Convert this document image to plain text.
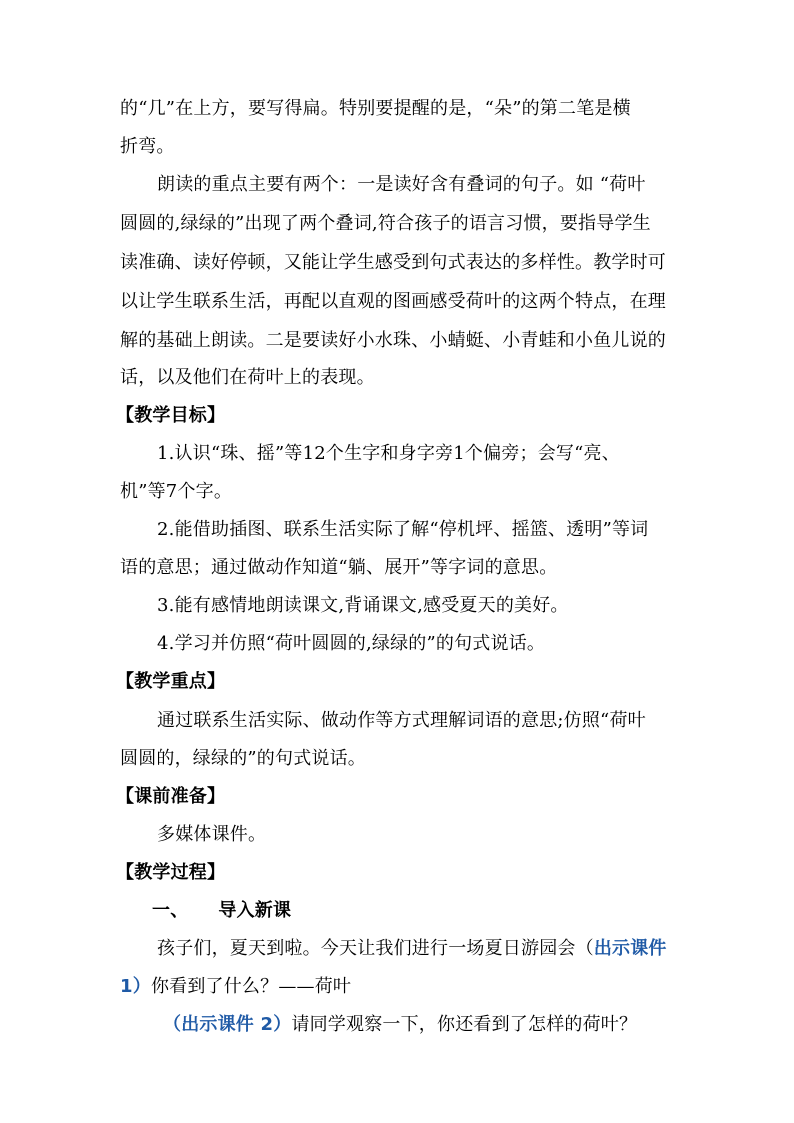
的“几”在上方，要写得扁。特别要提醒的是，“朵”的第二笔是横
折弯。
朗读的重点主要有两个：一是读好含有叠词的句子。如 “荷叶
圆圆的,绿绿的”出现了两个叠词,符合孩子的语言习惯，要指导学生
读准确、读好停顿，又能让学生感受到句式表达的多样性。教学时可
以让学生联系生活，再配以直观的图画感受荷叶的这两个特点，在理
解的基础上朗读。二是要读好小水珠、小蜻蜓、小青蛙和小鱼儿说的
话，以及他们在荷叶上的表现。
【教学目标】
1.认识“珠、摇”等12个生字和身字旁1个偏旁；会写“亮、
机”等7个字。
2.能借助插图、联系生活实际了解“停机坪、摇篮、透明”等词
语的意思；通过做动作知道“躺、展开”等字词的意思。
3.能有感情地朗读课文,背诵课文,感受夏天的美好。
4.学习并仿照“荷叶圆圆的,绿绿的”的句式说话。
【教学重点】
通过联系生活实际、做动作等方式理解词语的意思;仿照“荷叶
圆圆的，绿绿的”的句式说话。
【课前准备】
多媒体课件。
【教学过程】
一、 导入新课
孩子们，夏天到啦。今天让我们进行一场夏日游园会（出示课件
1）你看到了什么？——荷叶
（出示课件 2）请同学观察一下，你还看到了怎样的荷叶？
